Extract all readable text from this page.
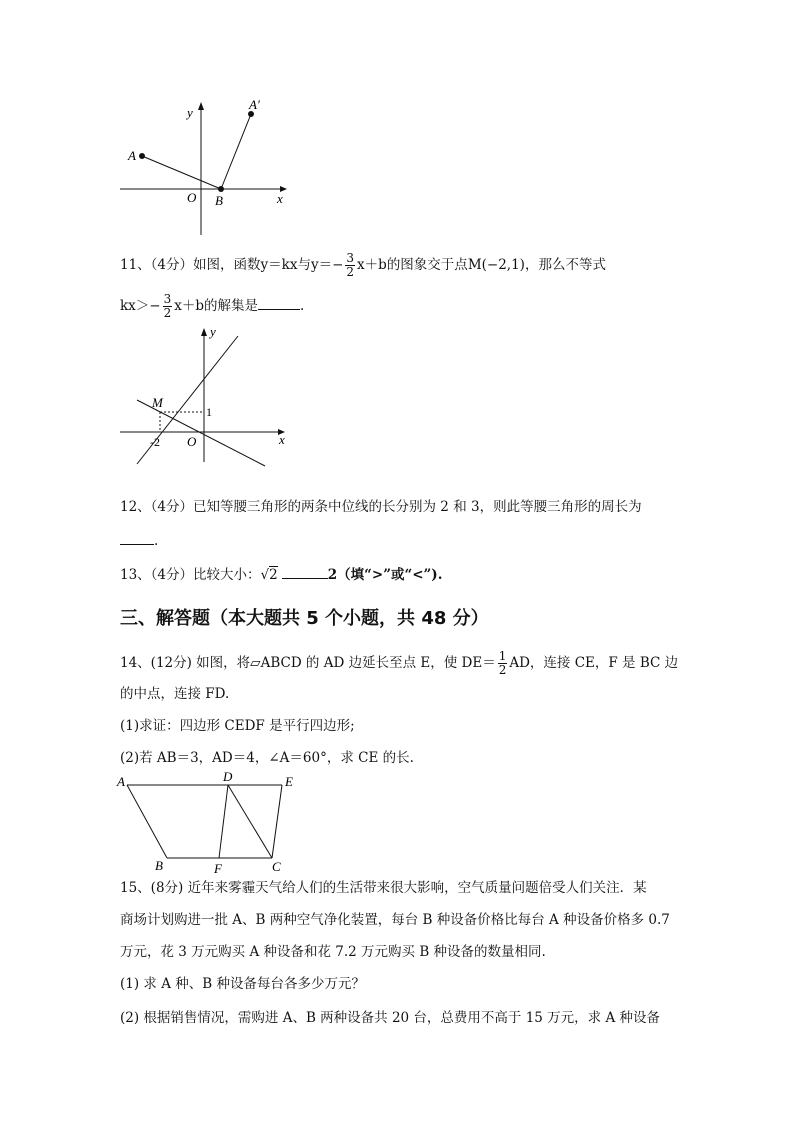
y
A
A′
O B	x
11、（4分）如图，函数y＝kx与$y=- \frac{3}{2} x+b$的图象交于点M(−2,1)，那么不等式
$kx>- \frac{3}{2} x+b$的解集是	.
y
M
1
-2 O	x
12、（4分）已知等腰三角形的两条中位线的长分别为 2 和 3，则此等腰三角形的周长为
.
13、（4分）比较大小：√2	2（填“>”或“<”).
三、解答题（本大题共 5 个小题，共 48 分）
14、(12分) 如图，将▱ABCD 的 AD 边延长至点 E，使 $DE= \frac{1}{2}$ AD，连接 CE，F 是 BC 边
的中点，连接 FD.
(1)求证：四边形 CEDF 是平行四边形;
(2)若 AB＝3，AD＝4，∠A＝60°，求 CE 的长.
A	D	E
B	F	C
15、(8分) 近年来雾霾天气给人们的生活带来很大影响，空气质量问题倍受人们关注．某
商场计划购进一批 A、B 两种空气净化装置，每台 B 种设备价格比每台 A 种设备价格多 0.7
万元，花 3 万元购买 A 种设备和花 7.2 万元购买 B 种设备的数量相同.
(1) 求 A 种、B 种设备每台各多少万元？
(2) 根据销售情况，需购进 A、B 两种设备共 20 台，总费用不高于 15 万元，求 A 种设备
